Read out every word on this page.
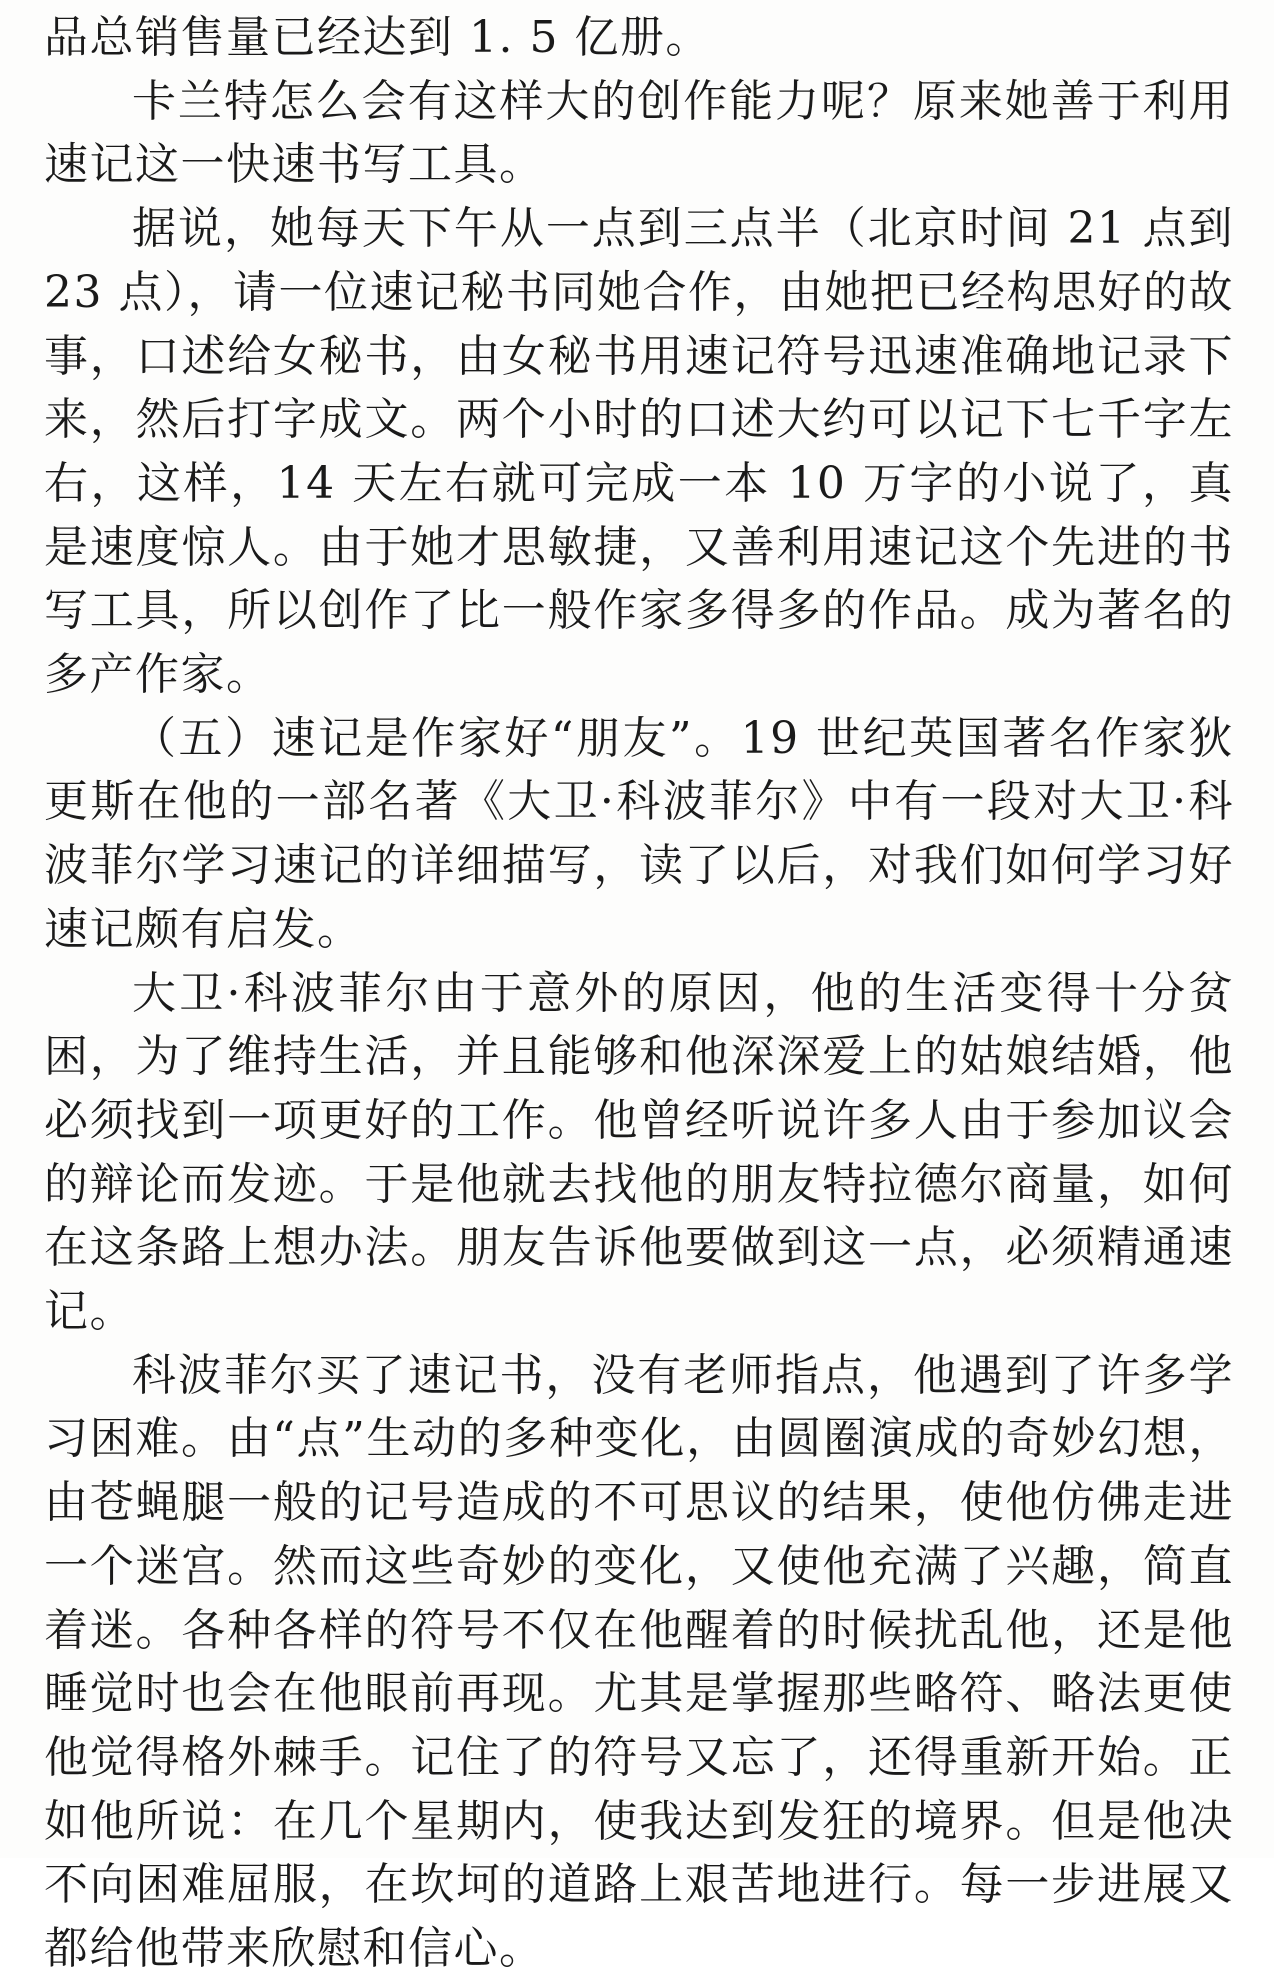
品总销售量已经达到 1. 5 亿册。

卡兰特怎么会有这样大的创作能力呢？原来她善于利用速记这一快速书写工具。

据说，她每天下午从一点到三点半（北京时间 21 点到 23 点），请一位速记秘书同她合作，由她把已经构思好的故事，口述给女秘书，由女秘书用速记符号迅速准确地记录下来，然后打字成文。两个小时的口述大约可以记下七千字左右，这样，14 天左右就可完成一本 10 万字的小说了，真是速度惊人。由于她才思敏捷，又善利用速记这个先进的书写工具，所以创作了比一般作家多得多的作品。成为著名的多产作家。

（五）速记是作家好“朋友”。19 世纪英国著名作家狄更斯在他的一部名著《大卫·科波菲尔》中有一段对大卫·科波菲尔学习速记的详细描写，读了以后，对我们如何学习好速记颇有启发。

大卫·科波菲尔由于意外的原因，他的生活变得十分贫困，为了维持生活，并且能够和他深深爱上的姑娘结婚，他必须找到一项更好的工作。他曾经听说许多人由于参加议会的辩论而发迹。于是他就去找他的朋友特拉德尔商量，如何在这条路上想办法。朋友告诉他要做到这一点，必须精通速记。

科波菲尔买了速记书，没有老师指点，他遇到了许多学习困难。由“点”生动的多种变化，由圆圈演成的奇妙幻想，由苍蝇腿一般的记号造成的不可思议的结果，使他仿佛走进一个迷宫。然而这些奇妙的变化，又使他充满了兴趣，简直着迷。各种各样的符号不仅在他醒着的时候扰乱他，还是他睡觉时也会在他眼前再现。尤其是掌握那些略符、略法更使他觉得格外棘手。记住了的符号又忘了，还得重新开始。正如他所说：在几个星期内，使我达到发狂的境界。但是他决不向困难屈服，在坎坷的道路上艰苦地进行。每一步进展又都给他带来欣慰和信心。
